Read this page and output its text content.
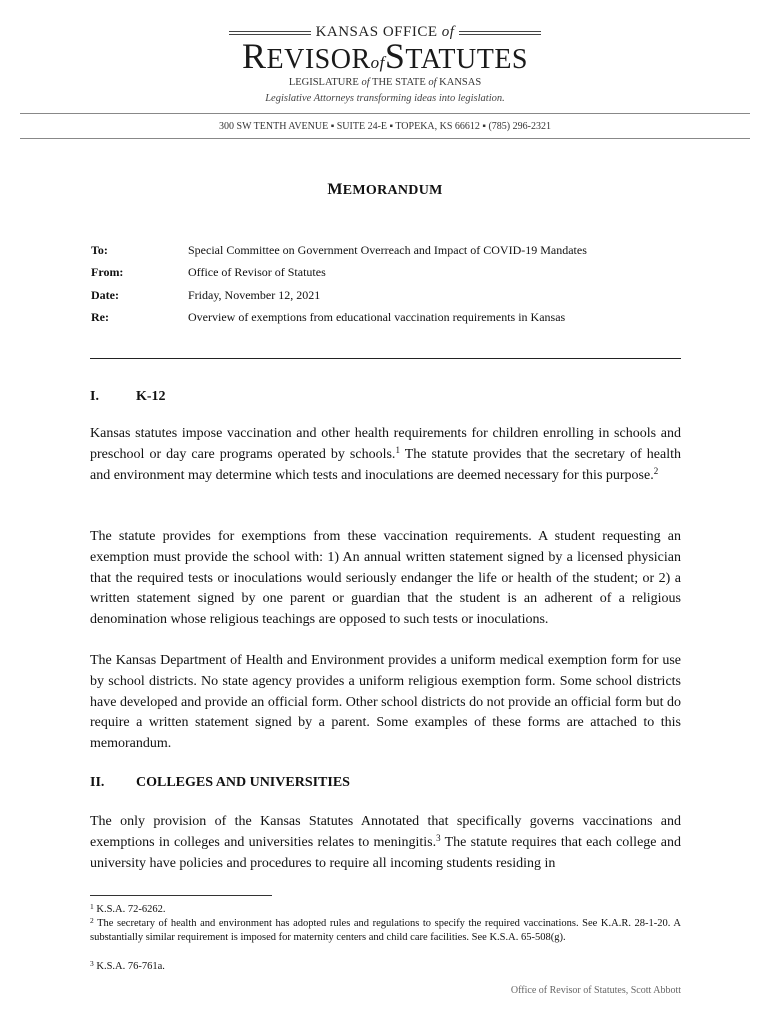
KANSAS OFFICE
of
REVISORofSTATUTES
LEGISLATURE of THE STATE of KANSAS
Legislative Attorneys transforming ideas into legislation.
300 SW TENTH AVENUE ▪ SUITE 24-E ▪ TOPEKA, KS 66612 ▪ (785) 296-2321
MEMORANDUM
To:	Special Committee on Government Overreach and Impact of COVID-19 Mandates
From:	Office of Revisor of Statutes
Date:	Friday, November 12, 2021
Re:	Overview of exemptions from educational vaccination requirements in Kansas
I.	K-12
Kansas statutes impose vaccination and other health requirements for children enrolling in schools and preschool or day care programs operated by schools.$^1$ The statute provides that the secretary of health and environment may determine which tests and inoculations are deemed necessary for this purpose.$^2$
The statute provides for exemptions from these vaccination requirements. A student requesting an exemption must provide the school with: 1) An annual written statement signed by a licensed physician that the required tests or inoculations would seriously endanger the life or health of the student; or 2) a written statement signed by one parent or guardian that the student is an adherent of a religious denomination whose religious teachings are opposed to such tests or inoculations.
The Kansas Department of Health and Environment provides a uniform medical exemption form for use by school districts. No state agency provides a uniform religious exemption form. Some school districts have developed and provide an official form. Other school districts do not provide an official form but do require a written statement signed by a parent. Some examples of these forms are attached to this memorandum.
II. COLLEGES AND UNIVERSITIES
The only provision of the Kansas Statutes Annotated that specifically governs vaccinations and exemptions in colleges and universities relates to meningitis.$^3$ The statute requires that each college and university have policies and procedures to require all incoming students residing in
$^1$ K.S.A. 72-6262.
$^2$ The secretary of health and environment has adopted rules and regulations to specify the required vaccinations. See K.A.R. 28-1-20. A substantially similar requirement is imposed for maternity centers and child care facilities. See K.S.A. 65-508(g).
$^3$ K.S.A. 76-761a.
Office of Revisor of Statutes, Scott Abbott
